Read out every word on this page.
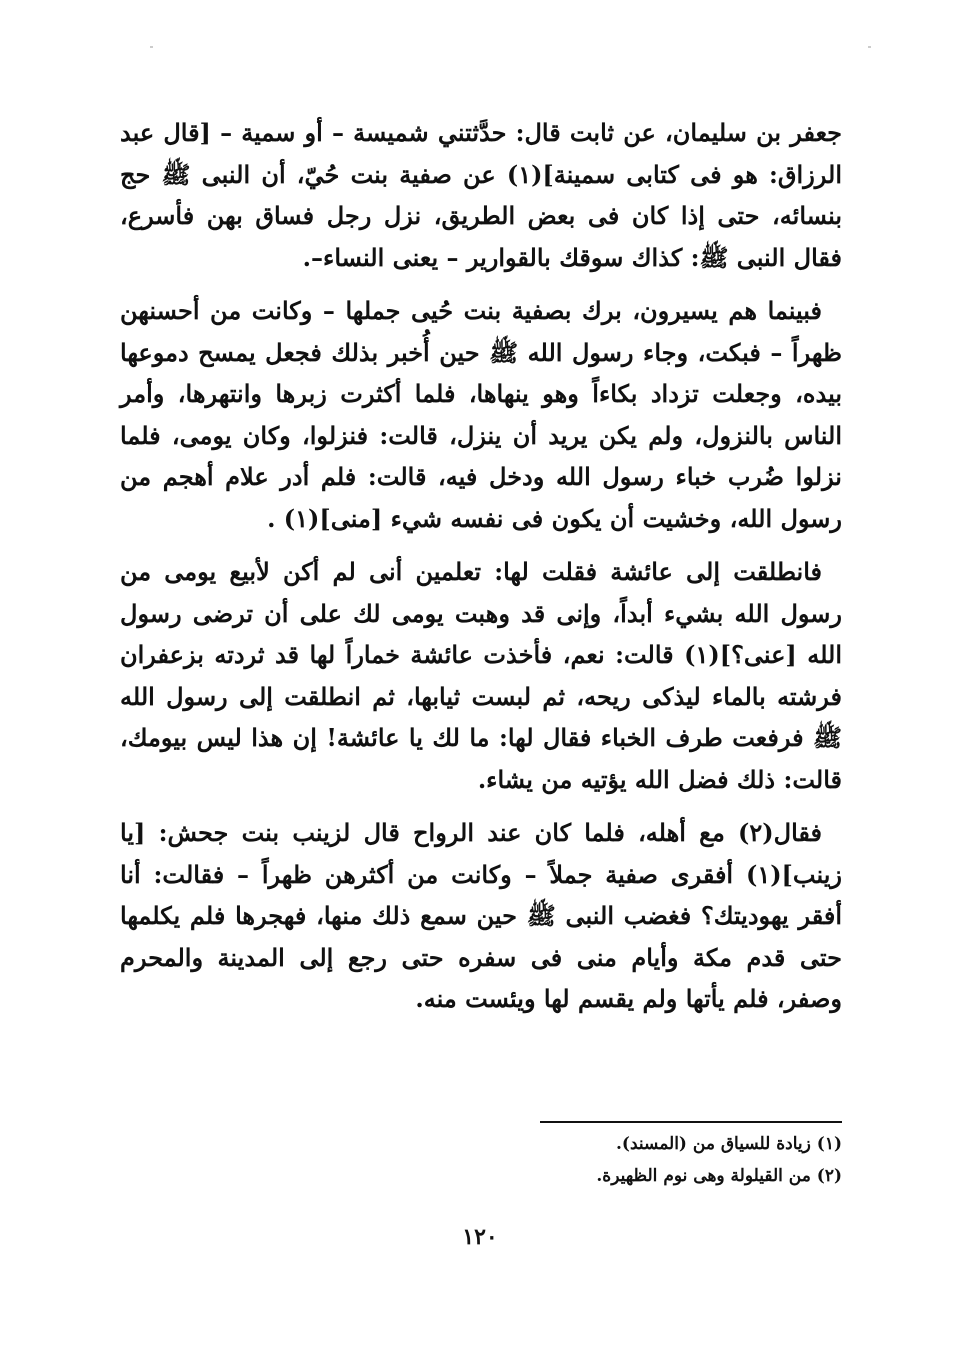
جعفر بن سليمان، عن ثابت قال: حدَّثتني شميسة – أو سمية – [قال عبد الرزاق: هو فى كتابى سمينة](١) عن صفية بنت حُيّ، أن النبى ﷺ حج بنسائه، حتى إذا كان فى بعض الطريق، نزل رجل فساق بهن فأسرع، فقال النبى ﷺ: كذاك سوقك بالقوارير – يعنى النساء–.

فبينما هم يسيرون، برك بصفية بنت حُيى جملها – وكانت من أحسنهن ظهراً – فبكت، وجاء رسول الله ﷺ حين أُخبر بذلك فجعل يمسح دموعها بيده، وجعلت تزداد بكاءاً وهو ينهاها، فلما أكثرت زبرها وانتهرها، وأمر الناس بالنزول، ولم يكن يريد أن ينزل، قالت: فنزلوا، وكان يومى، فلما نزلوا ضُرب خباء رسول الله ودخل فيه، قالت: فلم أدر علام أهجم من رسول الله، وخشيت أن يكون فى نفسه شيء [منى](١) .

فانطلقت إلى عائشة فقلت لها: تعلمين أنى لم أكن لأبيع يومى من رسول الله بشيء أبداً، وإنى قد وهبت يومى لك على أن ترضى رسول الله [عنى؟](١) قالت: نعم، فأخذت عائشة خماراً لها قد ثردته بزعفران فرشته بالماء ليذكى ريحه، ثم لبست ثيابها، ثم انطلقت إلى رسول الله ﷺ فرفعت طرف الخباء فقال لها: ما لك يا عائشة! إن هذا ليس بيومك، قالت: ذلك فضل الله يؤتيه من يشاء.

فقال(٢) مع أهله، فلما كان عند الرواح قال لزينب بنت جحش: [يا زينب](١) أفقرى صفية جملاً – وكانت من أكثرهن ظهراً – فقالت: أنا أفقر يهوديتك؟ فغضب النبى ﷺ حين سمع ذلك منها، فهجرها فلم يكلمها حتى قدم مكة وأيام منى فى سفره حتى رجع إلى المدينة والمحرم وصفر، فلم يأتها ولم يقسم لها ويئست منه.

(١) زيادة للسياق من (المسند).

(٢) من القيلولة وهى نوم الظهيرة.

١٢٠
